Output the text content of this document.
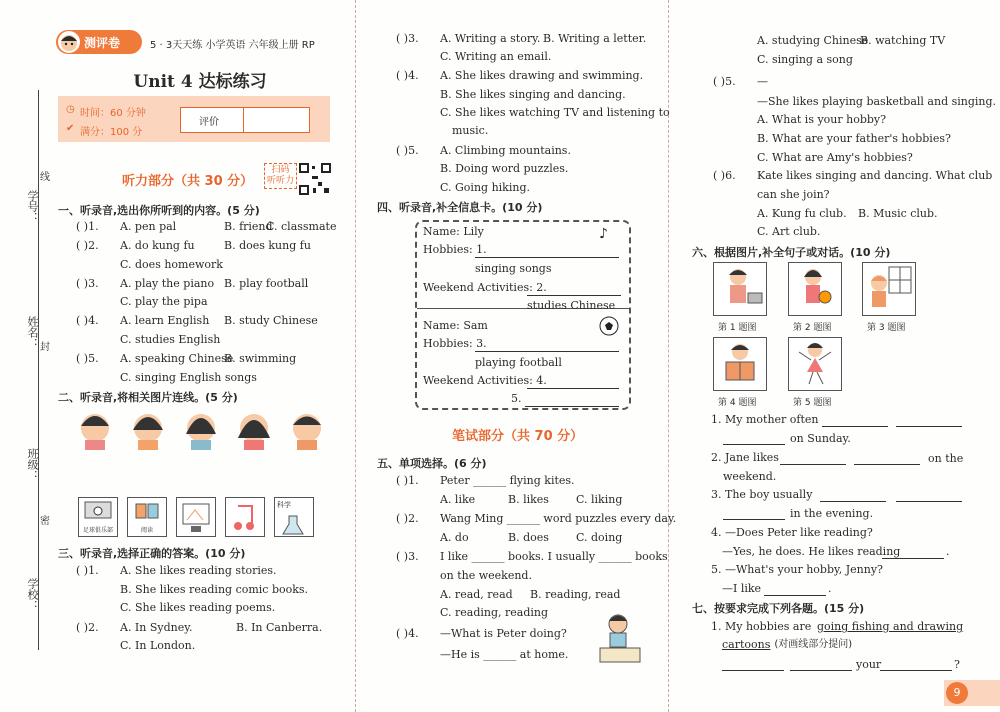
学号：
姓名：
班级：
学校：
线
封
密
测评卷	5 · 3天天练 小学英语 六年级上册 RP
Unit 4 达标练习
◷ 时间：60 分钟
✔ 满分：100 分
评价
听力部分（共 30 分）
扫码
听听力
一、听录音,选出你所听到的内容。(5 分)
( )1. A. pen pal	B. friend
C. classmate
( )2. A. do kung fu	B. does kung fu
C. does homework
( )3. A. play the piano B. play football
C. play the pipa
( )4. A. learn English B. study Chinese
C. studies English
( )5. A. speaking Chinese
B. swimming
C. singing English songs
二、听录音,将相关图片连线。(5 分)
足球俱乐部	阅读
科学
三、听录音,选择正确的答案。(10 分)
( )1. A. She likes reading stories.
B. She likes reading comic books.
C. She likes reading poems.
( )2. A. In Sydney.	B. In Canberra.
C. In London.
( )3. A. Writing a story. B. Writing a letter.
C. Writing an email.
( )4. A. She likes drawing and swimming.
B. She likes singing and dancing.
C. She likes watching TV and listening to
music.
( )5. A. Climbing mountains.
B. Doing word puzzles.
C. Going hiking.
四、听录音,补全信息卡。(10 分)
Name: Lily	♪
Hobbies: 1.
singing songs
Weekend Activities: 2.
studies Chinese
Name: Sam
Hobbies: 3.
playing football
Weekend Activities: 4.
5.
笔试部分（共 70 分）
五、单项选择。(6 分)
( )1. Peter ______ flying kites.
A. like	B. likes C. liking
( )2. Wang Ming ______ word puzzles every day.
A. do	B. does C. doing
( )3. I like ______ books. I usually ______ books
on the weekend.
A. read, read B. reading, read
C. reading, reading
( )4. —What is Peter doing?
—He is ______ at home.
A. studying Chinese
B. watching TV
C. singing a song
( )5. —
—She likes playing basketball and singing.
A. What is your hobby?
B. What are your father's hobbies?
C. What are Amy's hobbies?
( )6. Kate likes singing and dancing. What club
can she join?
A. Kung fu club. B. Music club.
C. Art club.
六、根据图片,补全句子或对话。(10 分)
第 1 题图	第 2 题图	第 3 题图
第 4 题图	第 5 题图
1. My mother often
on Sunday.
2. Jane likes	on the
weekend.
3. The boy usually
in the evening.
4. —Does Peter like reading?
—Yes, he does. He likes reading	.
5. —What's your hobby, Jenny?
—I like	.
七、按要求完成下列各题。(15 分)
1. My hobbies are going fishing and drawing
cartoons
. (对画线部分提问)
your	?
9
